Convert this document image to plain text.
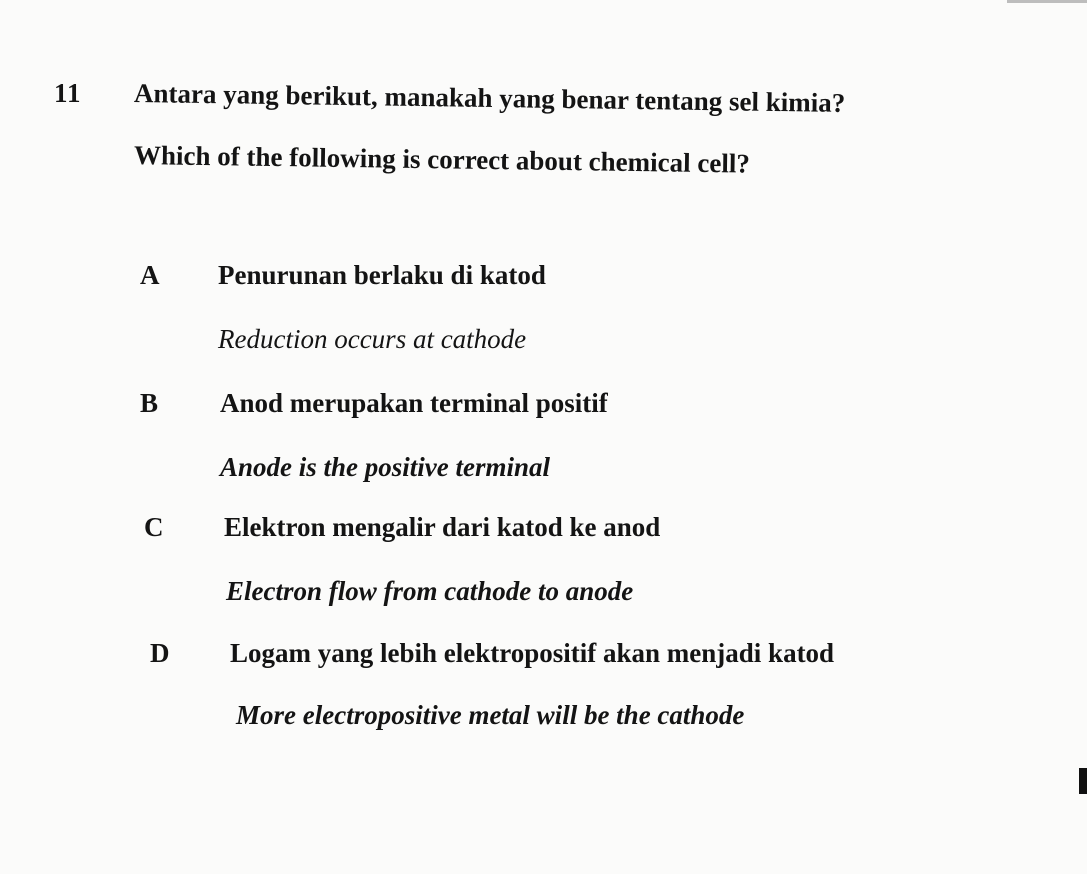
11 Antara yang berikut, manakah yang benar tentang sel kimia?
Which of the following is correct about chemical cell?
A Penurunan berlaku di katod
Reduction occurs at cathode
B Anod merupakan terminal positif
Anode is the positive terminal
C Elektron mengalir dari katod ke anod
Electron flow from cathode to anode
D Logam yang lebih elektropositif akan menjadi katod
More electropositive metal will be the cathode
